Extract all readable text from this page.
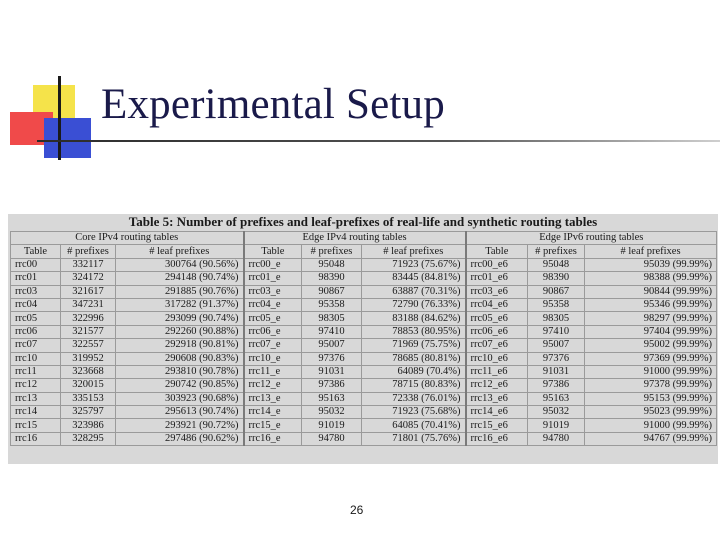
Experimental Setup
Table 5: Number of prefixes and leaf-prefixes of real-life and synthetic routing tables
Core IPv4 routing tables			Edge IPv4 routing tables			Edge IPv6 routing tables		
Table	# prefixes	# leaf prefixes	Table	# prefixes	# leaf prefixes	Table	# prefixes	# leaf prefixes
rrc00	332117	300764 (90.56%)	rrc00_e	95048	71923 (75.67%)	rrc00_e6	95048	95039 (99.99%)
rrc01	324172	294148 (90.74%)	rrc01_e	98390	83445 (84.81%)	rrc01_e6	98390	98388 (99.99%)
rrc03	321617	291885 (90.76%)	rrc03_e	90867	63887 (70.31%)	rrc03_e6	90867	90844 (99.99%)
rrc04	347231	317282 (91.37%)	rrc04_e	95358	72790 (76.33%)	rrc04_e6	95358	95346 (99.99%)
rrc05	322996	293099 (90.74%)	rrc05_e	98305	83188 (84.62%)	rrc05_e6	98305	98297 (99.99%)
rrc06	321577	292260 (90.88%)	rrc06_e	97410	78853 (80.95%)	rrc06_e6	97410	97404 (99.99%)
rrc07	322557	292918 (90.81%)	rrc07_e	95007	71969 (75.75%)	rrc07_e6	95007	95002 (99.99%)
rrc10	319952	290608 (90.83%)	rrc10_e	97376	78685 (80.81%)	rrc10_e6	97376	97369 (99.99%)
rrc11	323668	293810 (90.78%)	rrc11_e	91031	64089 (70.4%)	rrc11_e6	91031	91000 (99.99%)
rrc12	320015	290742 (90.85%)	rrc12_e	97386	78715 (80.83%)	rrc12_e6	97386	97378 (99.99%)
rrc13	335153	303923 (90.68%)	rrc13_e	95163	72338 (76.01%)	rrc13_e6	95163	95153 (99.99%)
rrc14	325797	295613 (90.74%)	rrc14_e	95032	71923 (75.68%)	rrc14_e6	95032	95023 (99.99%)
rrc15	323986	293921 (90.72%)	rrc15_e	91019	64085 (70.41%)	rrc15_e6	91019	91000 (99.99%)
rrc16	328295	297486 (90.62%)	rrc16_e	94780	71801 (75.76%)	rrc16_e6	94780	94767 (99.99%)
26
